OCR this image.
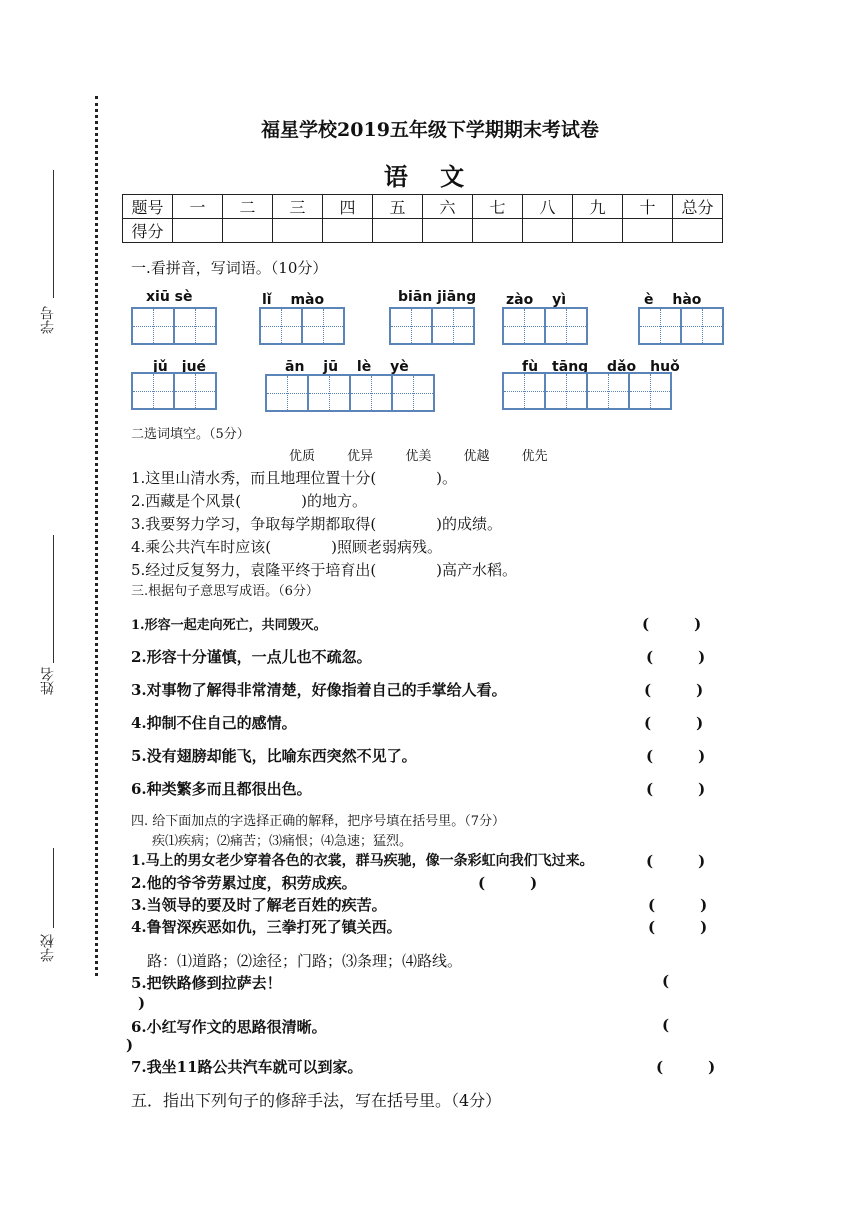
学号
姓名
学校
福星学校2019五年级下学期期末考试卷
语 文
题号	一	二	三	四	五	六	七	八	九	十	总分
得分											
一.看拼音，写词语。（10分）
xiū sè	lǐ　 mào	biān jiāng zào　 yì	è　 hào
jǔ　jué	ān　 jū　 lè　 yè	fù　tāng　 dǎo　huǒ
二选词填空。（5分）
优质 优异 优美 优越 优先
1.这里山清水秀，而且地理位置十分(　　　　)。
2.西藏是个风景(　　　　)的地方。
3.我要努力学习，争取每学期都取得(　　　　)的成绩。
4.乘公共汽车时应该(　　　　)照顾老弱病残。
5.经过反复努力，袁隆平终于培育出(　　　　)高产水稻。
三.根据句子意思写成语。（6分）
1.形容一起走向死亡，共同毁灭。	(　　　)
2.形容十分谨慎，一点儿也不疏忽。	(　　　)
3.对事物了解得非常清楚，好像指着自己的手掌给人看。	(　　　)
4.抑制不住自己的感情。	(　　　)
5.没有翅膀却能飞，比喻东西突然不见了。	(　　　)
6.种类繁多而且都很出色。	(　　　)
四. 给下面加点的字选择正确的解释，把序号填在括号里。（7分）
疾⑴疾病；⑵痛苦；⑶痛恨；⑷急速；猛烈。
1.马上的男女老少穿着各色的衣裳，群马疾驰，像一条彩虹向我们飞过来。	(　　　)
2.他的爷爷劳累过度，积劳成疾。	(　　　)
3.当领导的要及时了解老百姓的疾苦。	(　　　)
4.鲁智深疾恶如仇，三拳打死了镇关西。	(　　　)
路：⑴道路；⑵途径；门路；⑶条理；⑷路线。
5.把铁路修到拉萨去！	(
)
6.小红写作文的思路很清晰。	(
)
7.我坐11路公共汽车就可以到家。	(　　　)
五．指出下列句子的修辞手法，写在括号里。（4分）
